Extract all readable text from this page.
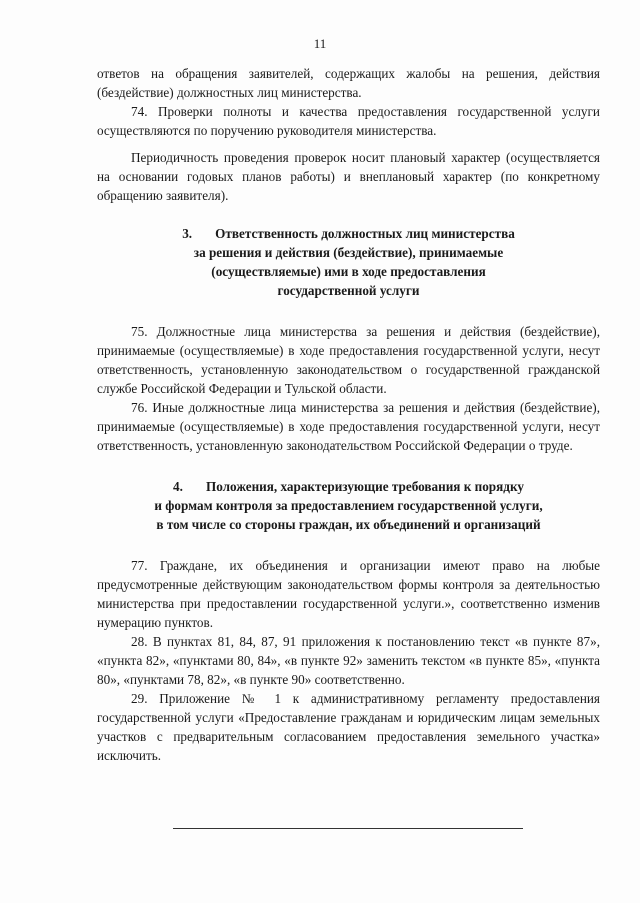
11

ответов на обращения заявителей, содержащих жалобы на решения, действия (бездействие) должностных лиц министерства.

74. Проверки полноты и качества предоставления государственной услуги осуществляются по поручению руководителя министерства.

Периодичность проведения проверок носит плановый характер (осуществляется на основании годовых планов работы) и внеплановый характер (по конкретному обращению заявителя).

3.       Ответственность должностных лиц министерства
за решения и действия (бездействие), принимаемые
(осуществляемые) ими в ходе предоставления
государственной услуги

75. Должностные лица министерства за решения и действия (бездействие), принимаемые (осуществляемые) в ходе предоставления государственной услуги, несут ответственность, установленную законодательством о государственной гражданской службе Российской Федерации и Тульской области.

76. Иные должностные лица министерства за решения и действия (бездействие), принимаемые (осуществляемые) в ходе предоставления государственной услуги, несут ответственность, установленную законодательством Российской Федерации о труде.

4.       Положения, характеризующие требования к порядку
и формам контроля за предоставлением государственной услуги,
в том числе со стороны граждан, их объединений и организаций

77. Граждане, их объединения и организации имеют право на любые предусмотренные действующим законодательством формы контроля за деятельностью министерства при предоставлении государственной услуги.», соответственно изменив нумерацию пунктов.

28. В пунктах 81, 84, 87, 91 приложения к постановлению текст «в пункте 87», «пункта 82», «пунктами 80, 84», «в пункте 92» заменить текстом «в пункте 85», «пункта 80», «пунктами 78, 82», «в пункте 90» соответственно.

29. Приложение № 1 к административному регламенту предоставления государственной услуги «Предоставление гражданам и юридическим лицам земельных участков с предварительным согласованием предоставления земельного участка» исключить.
